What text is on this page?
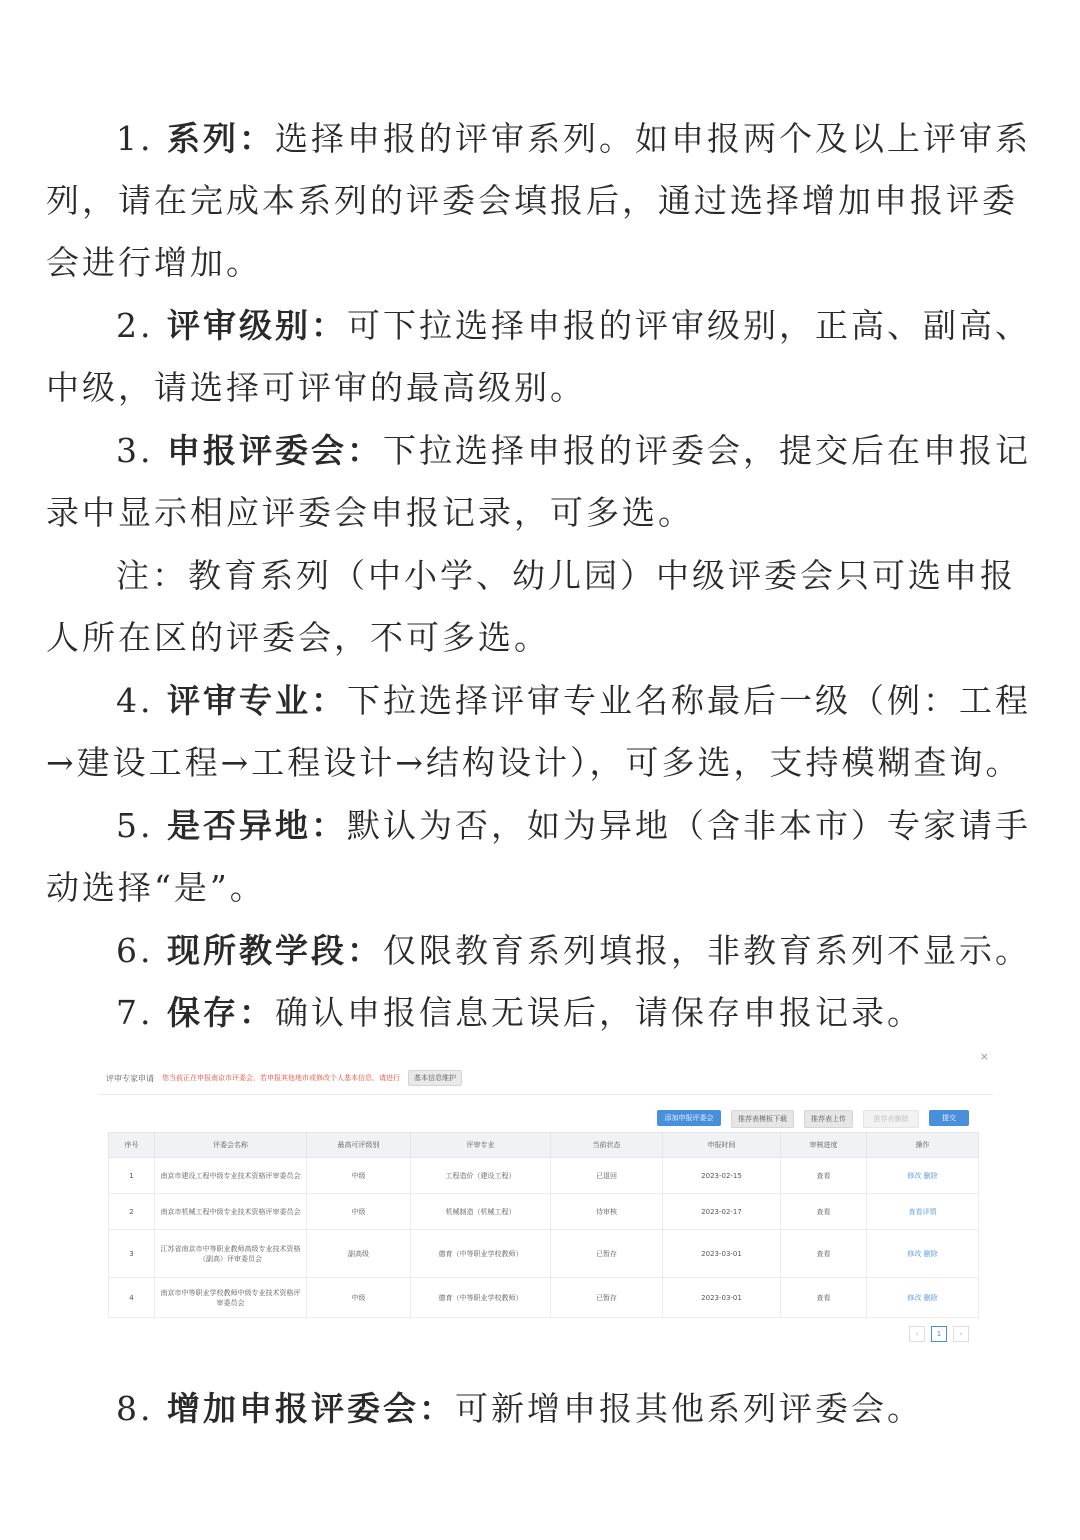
1. 系列：选择申报的评审系列。如申报两个及以上评审系列，请在完成本系列的评委会填报后，通过选择增加申报评委会进行增加。

2. 评审级别：可下拉选择申报的评审级别，正高、副高、中级，请选择可评审的最高级别。

3. 申报评委会：下拉选择申报的评委会，提交后在申报记录中显示相应评委会申报记录，可多选。

注：教育系列（中小学、幼儿园）中级评委会只可选申报人所在区的评委会，不可多选。

4. 评审专业：下拉选择评审专业名称最后一级（例：工程→建设工程→工程设计→结构设计），可多选，支持模糊查询。

5. 是否异地：默认为否，如为异地（含非本市）专家请手动选择“是”。

6. 现所教学段：仅限教育系列填报，非教育系列不显示。

7. 保存：确认申报信息无误后，请保存申报记录。

评审专家申请 您当前正在申报南京市评委会，若申报其他地市或修改个人基本信息，请进行	基本信息维护
×
添加申报评委会	推荐表模板下载	推荐表上传	推荐表删除	提交
序号	评委会名称	最高可评级别	评审专业	当前状态	申报时间	审核进度	操作
1	南京市建设工程中级专业技术资格评审委员会	中级	工程造价（建设工程）	已退回	2023-02-15	查看	修改 删除
2	南京市机械工程中级专业技术资格评审委员会	中级	机械制造（机械工程）	待审核	2023-02-17	查看	查看详情
3	江苏省南京市中等职业教师高级专业技术资格（副高）评审委员会	副高级	德育（中等职业学校教师）	已暂存	2023-03-01	查看	修改 删除
4	南京市中等职业学校教师中级专业技术资格评审委员会	中级	德育（中等职业学校教师）	已暂存	2023-03-01	查看	修改 删除
‹	1	›

8. 增加申报评委会：可新增申报其他系列评委会。
